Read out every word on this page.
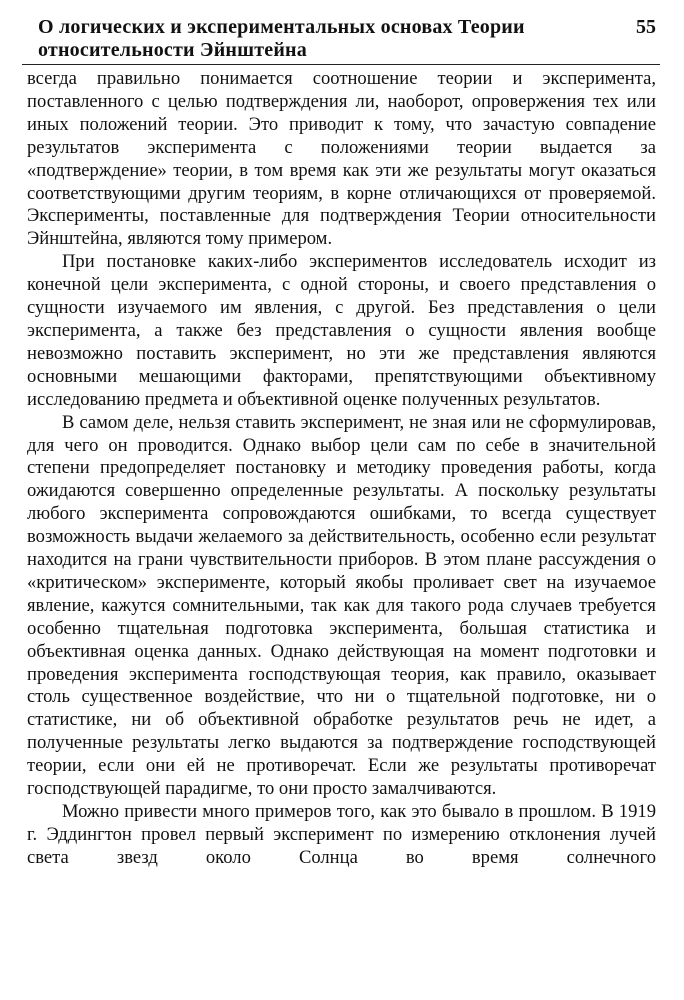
О логических и экспериментальных основах Теории
относительности Эйнштейна
55

всегда правильно понимается соотношение теории и эксперимента, поставленного с целью подтверждения ли, наоборот, опровержения тех или иных положений теории. Это приводит к тому, что зачастую совпадение результатов эксперимента с положениями теории выдается за «подтверждение» теории, в том время как эти же результаты могут оказаться соответствующими другим теориям, в корне отличающихся от проверяемой. Эксперименты, поставленные для подтверждения Теории относительности Эйнштейна, являются тому примером.

При постановке каких-либо экспериментов исследователь исходит из конечной цели эксперимента, с одной стороны, и своего представления о сущности изучаемого им явления, с другой. Без представления о цели эксперимента, а также без представления о сущности явления вообще невозможно поставить эксперимент, но эти же представления являются основными мешающими факторами, препятствующими объективному исследованию предмета и объективной оценке полученных результатов.

В самом деле, нельзя ставить эксперимент, не зная или не сформулировав, для чего он проводится. Однако выбор цели сам по себе в значительной степени предопределяет постановку и методику проведения работы, когда ожидаются совершенно определенные результаты. А поскольку результаты любого эксперимента сопровождаются ошибками, то всегда существует возможность выдачи желаемого за действительность, особенно если результат находится на грани чувствительности приборов. В этом плане рассуждения о «критическом» эксперименте, который якобы проливает свет на изучаемое явление, кажутся сомнительными, так как для такого рода случаев требуется особенно тщательная подготовка эксперимента, большая статистика и объективная оценка данных. Однако действующая на момент подготовки и проведения эксперимента господствующая теория, как правило, оказывает столь существенное воздействие, что ни о тщательной подготовке, ни о статистике, ни об объективной обработке результатов речь не идет, а полученные результаты легко выдаются за подтверждение господствующей теории, если они ей не противоречат. Если же результаты противоречат господствующей парадигме, то они просто замалчиваются.

Можно привести много примеров того, как это бывало в прошлом. В 1919 г. Эддингтон провел первый эксперимент по измерению отклонения лучей света звезд около Солнца во время солнечного
